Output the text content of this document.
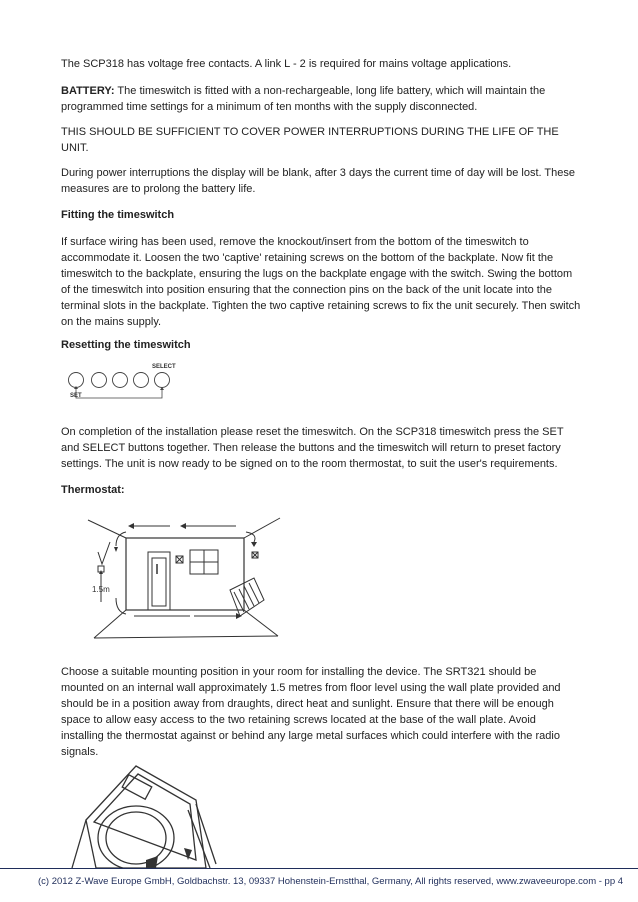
The SCP318 has voltage free contacts. A link L - 2 is required for mains voltage applications.

BATTERY: The timeswitch is fitted with a non-rechargeable, long life battery, which will maintain the programmed time settings for a minimum of ten months with the supply disconnected.

THIS SHOULD BE SUFFICIENT TO COVER POWER INTERRUPTIONS DURING THE LIFE OF THE UNIT.

During power interruptions the display will be blank, after 3 days the current time of day will be lost. These measures are to prolong the battery life.

Fitting the timeswitch

If surface wiring has been used, remove the knockout/insert from the bottom of the timeswitch to accommodate it. Loosen the two 'captive' retaining screws on the bottom of the backplate. Now fit the timeswitch to the backplate, ensuring the lugs on the backplate engage with the switch. Swing the bottom of the timeswitch into position ensuring that the connection pins on the back of the unit locate into the terminal slots in the backplate. Tighten the two captive retaining screws to fix the unit securely. Then switch on the mains supply.

Resetting the timeswitch

SELECT
SET

On completion of the installation please reset the timeswitch. On the SCP318 timeswitch press the SET and SELECT buttons together. Then release the buttons and the timeswitch will return to preset factory settings. The unit is now ready to be signed on to the room thermostat, to suit the user's requirements.

Thermostat:

1.5m

Choose a suitable mounting position in your room for installing the device. The SRT321 should be mounted on an internal wall approximately 1.5 metres from floor level using the wall plate provided and should be in a position away from draughts, direct heat and sunlight. Ensure that there will be enough space to allow easy access to the two retaining screws located at the base of the wall plate. Avoid installing the thermostat against or behind any large metal surfaces which could interfere with the radio signals.

(c) 2012 Z-Wave Europe GmbH, Goldbachstr. 13, 09337 Hohenstein-Ernstthal, Germany, All rights reserved, www.zwaveeurope.com - pp 4
